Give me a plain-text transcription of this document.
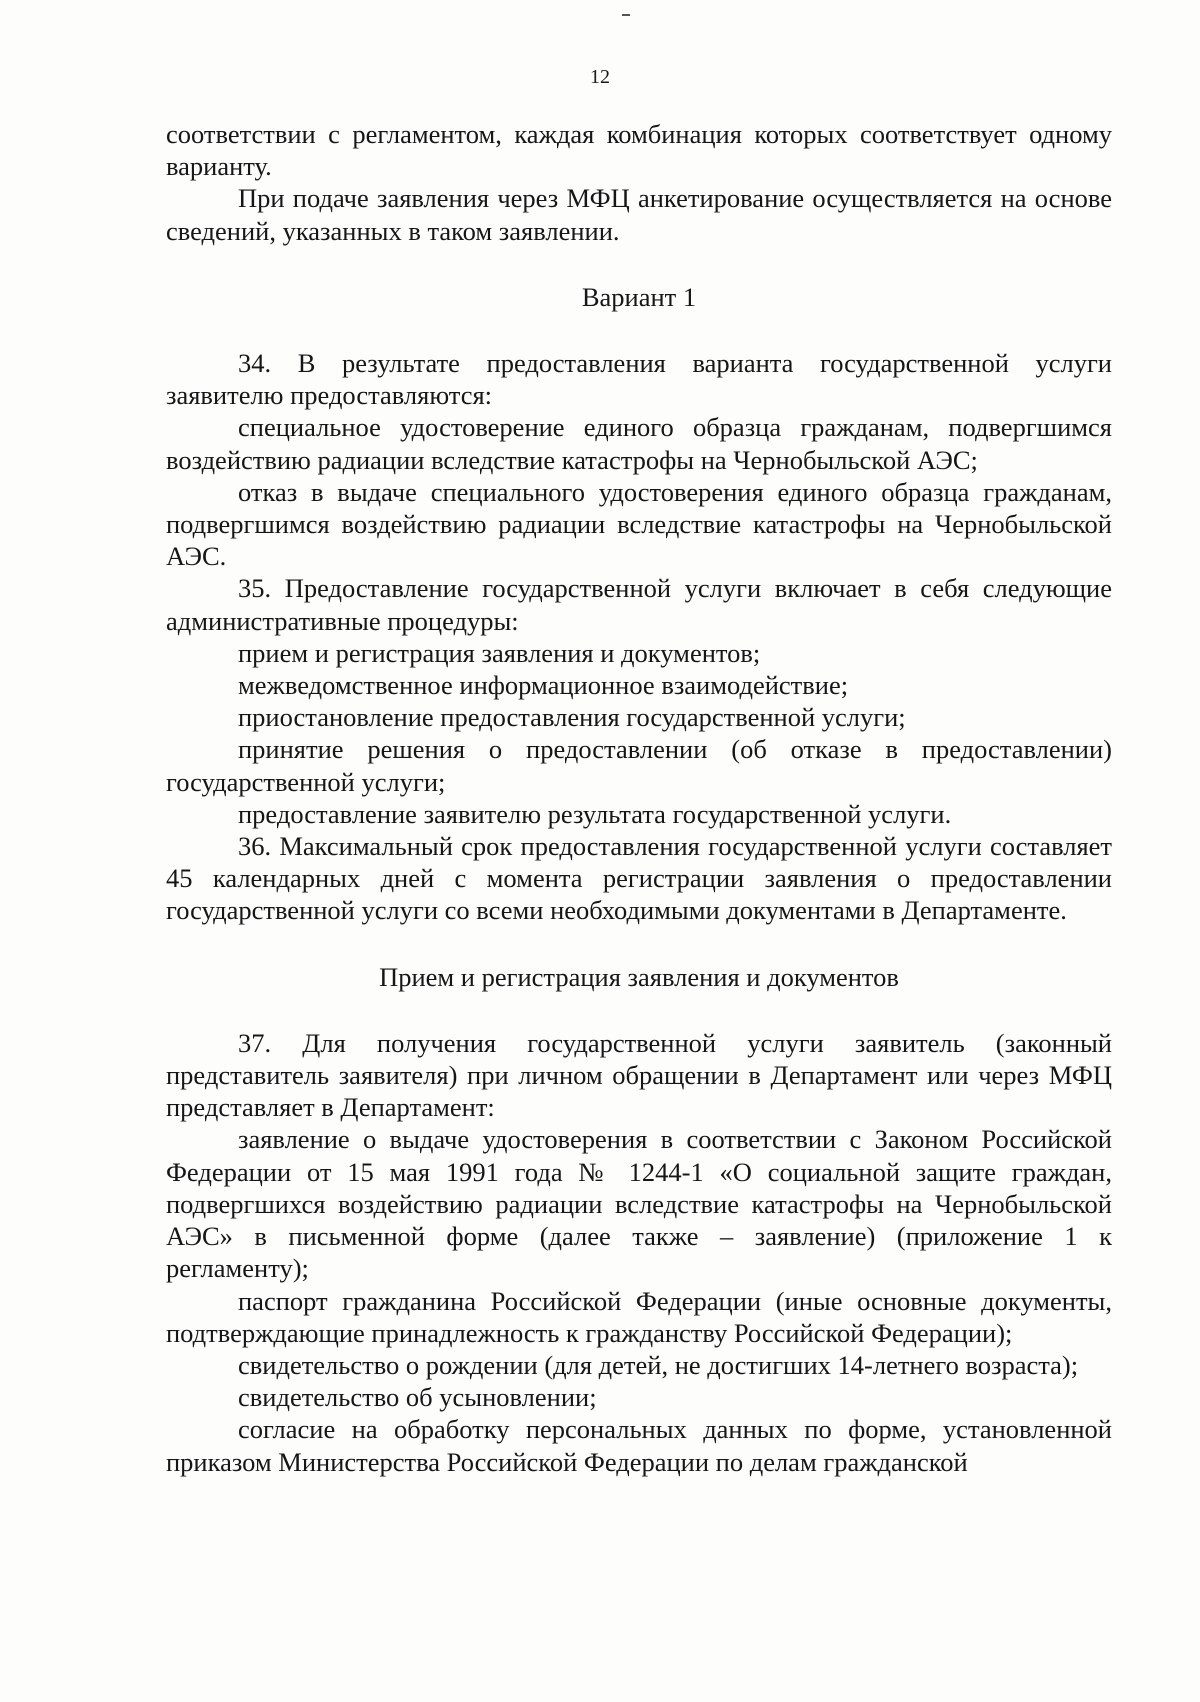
12

соответствии с регламентом, каждая комбинация которых соответствует одному варианту.

При подаче заявления через МФЦ анкетирование осуществляется на основе сведений, указанных в таком заявлении.

Вариант 1

34. В результате предоставления варианта государственной услуги заявителю предоставляются:

специальное удостоверение единого образца гражданам, подвергшимся воздействию радиации вследствие катастрофы на Чернобыльской АЭС;

отказ в выдаче специального удостоверения единого образца гражданам, подвергшимся воздействию радиации вследствие катастрофы на Чернобыльской АЭС.

35. Предоставление государственной услуги включает в себя следующие административные процедуры:

прием и регистрация заявления и документов;

межведомственное информационное взаимодействие;

приостановление предоставления государственной услуги;

принятие решения о предоставлении (об отказе в предоставлении) государственной услуги;

предоставление заявителю результата государственной услуги.

36. Максимальный срок предоставления государственной услуги составляет 45 календарных дней с момента регистрации заявления о предоставлении государственной услуги со всеми необходимыми документами в Департаменте.

Прием и регистрация заявления и документов

37. Для получения государственной услуги заявитель (законный представитель заявителя) при личном обращении в Департамент или через МФЦ представляет в Департамент:

заявление о выдаче удостоверения в соответствии с Законом Российской Федерации от 15 мая 1991 года № 1244-1 «О социальной защите граждан, подвергшихся воздействию радиации вследствие катастрофы на Чернобыльской АЭС» в письменной форме (далее также – заявление) (приложение 1 к регламенту);

паспорт гражданина Российской Федерации (иные основные документы, подтверждающие принадлежность к гражданству Российской Федерации);

свидетельство о рождении (для детей, не достигших 14-летнего возраста);

свидетельство об усыновлении;

согласие на обработку персональных данных по форме, установленной приказом Министерства Российской Федерации по делам гражданской
